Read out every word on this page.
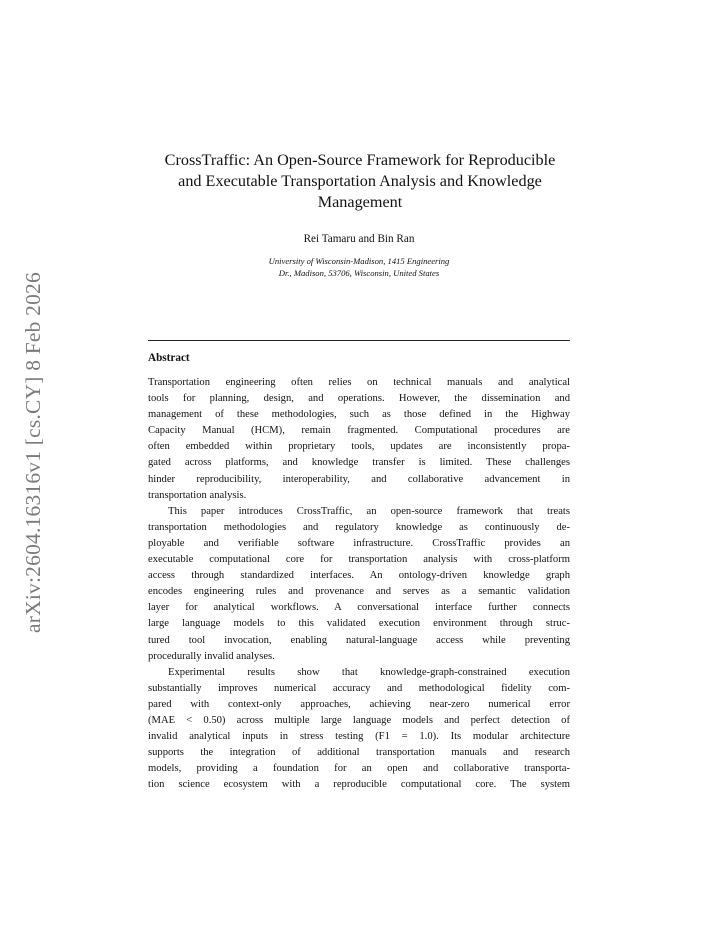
arXiv:2604.16316v1 [cs.CY] 8 Feb 2026
CrossTraffic: An Open-Source Framework for Reproducible
and Executable Transportation Analysis and Knowledge
Management
Rei Tamaru and Bin Ran
University of Wisconsin-Madison, 1415 Engineering
Dr., Madison, 53706, Wisconsin, United States
Abstract
Transportation engineering often relies on technical manuals and analytical
tools for planning, design, and operations. However, the dissemination and
management of these methodologies, such as those defined in the Highway
Capacity Manual (HCM), remain fragmented. Computational procedures are
often embedded within proprietary tools, updates are inconsistently propa-
gated across platforms, and knowledge transfer is limited. These challenges
hinder reproducibility, interoperability, and collaborative advancement in
transportation analysis.
This paper introduces CrossTraffic, an open-source framework that treats
transportation methodologies and regulatory knowledge as continuously de-
ployable and verifiable software infrastructure. CrossTraffic provides an
executable computational core for transportation analysis with cross-platform
access through standardized interfaces. An ontology-driven knowledge graph
encodes engineering rules and provenance and serves as a semantic validation
layer for analytical workflows. A conversational interface further connects
large language models to this validated execution environment through struc-
tured tool invocation, enabling natural-language access while preventing
procedurally invalid analyses.
Experimental results show that knowledge-graph-constrained execution
substantially improves numerical accuracy and methodological fidelity com-
pared with context-only approaches, achieving near-zero numerical error
(MAE < 0.50) across multiple large language models and perfect detection of
invalid analytical inputs in stress testing (F1 = 1.0). Its modular architecture
supports the integration of additional transportation manuals and research
models, providing a foundation for an open and collaborative transporta-
tion science ecosystem with a reproducible computational core. The system
